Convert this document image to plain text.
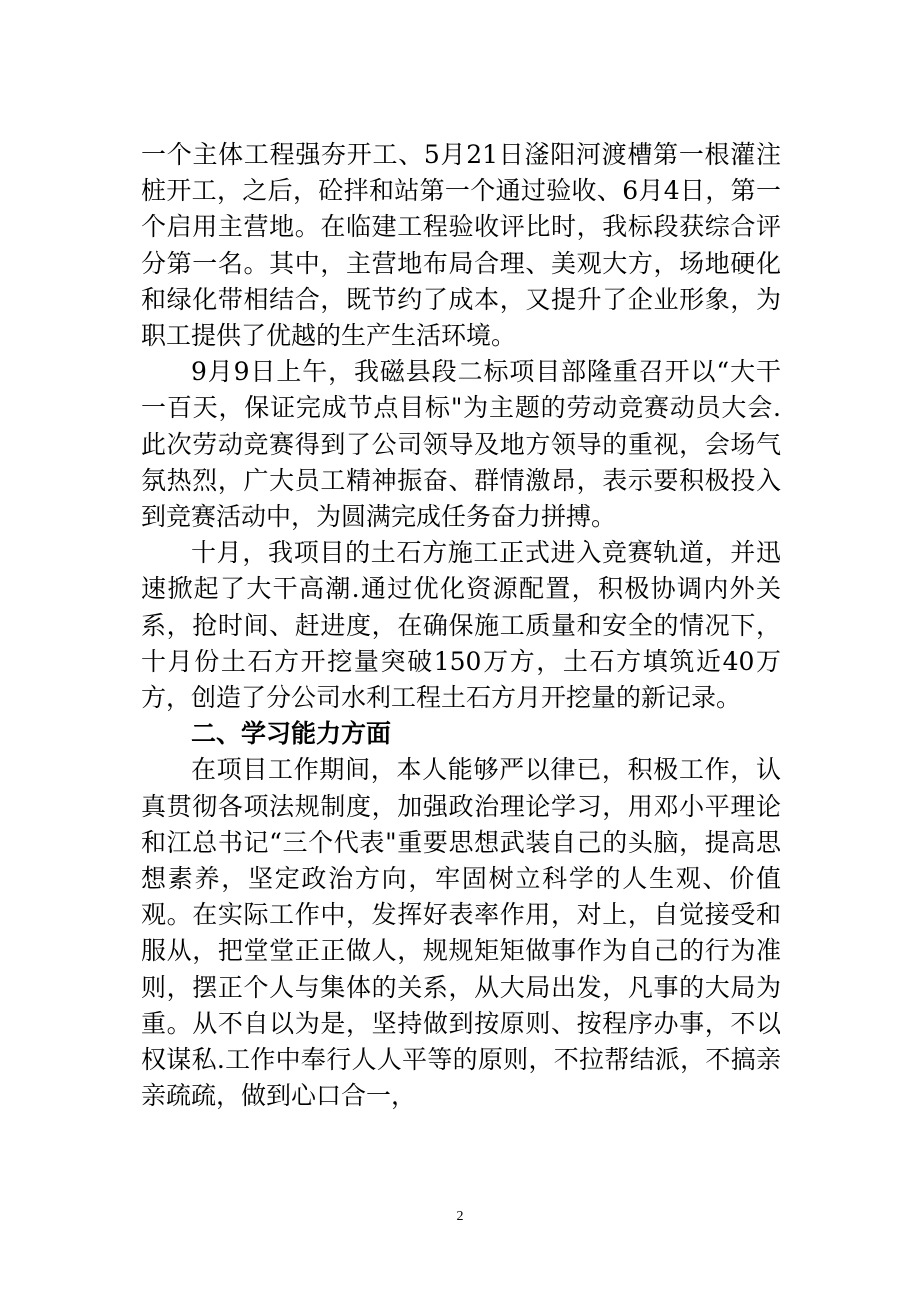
一个主体工程强夯开工、5月21日滏阳河渡槽第一根灌注桩开工，之后，砼拌和站第一个通过验收、6月4日，第一个启用主营地。在临建工程验收评比时，我标段获综合评分第一名。其中，主营地布局合理、美观大方，场地硬化和绿化带相结合，既节约了成本，又提升了企业形象，为职工提供了优越的生产生活环境。

9月9日上午，我磁县段二标项目部隆重召开以“大干一百天，保证完成节点目标"为主题的劳动竞赛动员大会.此次劳动竞赛得到了公司领导及地方领导的重视，会场气氛热烈，广大员工精神振奋、群情激昂，表示要积极投入到竞赛活动中，为圆满完成任务奋力拼搏。

十月，我项目的土石方施工正式进入竞赛轨道，并迅速掀起了大干高潮.通过优化资源配置，积极协调内外关系，抢时间、赶进度，在确保施工质量和安全的情况下，十月份土石方开挖量突破150万方，土石方填筑近40万方，创造了分公司水利工程土石方月开挖量的新记录。

二、学习能力方面

在项目工作期间，本人能够严以律已，积极工作，认真贯彻各项法规制度，加强政治理论学习，用邓小平理论和江总书记“三个代表"重要思想武装自己的头脑，提高思想素养，坚定政治方向，牢固树立科学的人生观、价值观。在实际工作中，发挥好表率作用，对上，自觉接受和服从，把堂堂正正做人，规规矩矩做事作为自己的行为准则，摆正个人与集体的关系，从大局出发，凡事的大局为重。从不自以为是，坚持做到按原则、按程序办事，不以权谋私.工作中奉行人人平等的原则，不拉帮结派，不搞亲亲疏疏，做到心口合一，

2
